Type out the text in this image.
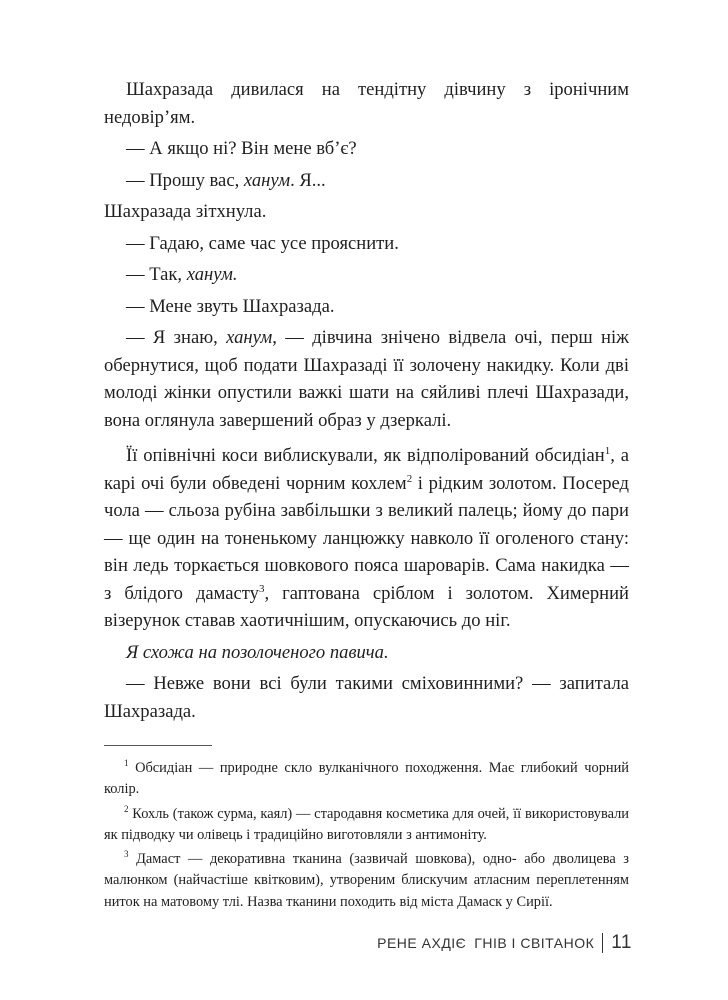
Шахразада дивилася на тендітну дівчину з іронічним недовір’ям.

— А якщо ні? Він мене вб’є?

— Прошу вас, ханум. Я...

Шахразада зітхнула.

— Гадаю, саме час усе прояснити.

— Так, ханум.

— Мене звуть Шахразада.

— Я знаю, ханум, — дівчина знічено відвела очі, перш ніж обернутися, щоб подати Шахразаді її золочену накидку. Коли дві молоді жінки опустили важкі шати на сяйливі плечі Шахразади, вона оглянула завершений образ у дзеркалі.

Її опівнічні коси виблискували, як відполірований обсидіан$^1$, а карі очі були обведені чорним кохлем$^2$ і рідким золотом. Посеред чола — сльоза рубіна завбільшки з великий палець; йому до пари — ще один на тоненькому ланцюжку навколо її оголеного стану: він ледь торкається шовкового пояса шароварів. Сама накидка — з блідого дамасту$^3$, гаптована сріблом і золотом. Химерний візерунок ставав хаотичнішим, опускаючись до ніг.

Я схожа на позолоченого павича.

— Невже вони всі були такими сміховинними? — запитала Шахразада.

$^1$ Обсидіан — природне скло вулканічного походження. Має глибокий чорний колір.

$^2$ Кохль (також сурма, каял) — стародавня косметика для очей, її використовували як підводку чи олівець і традиційно виготовляли з антимоніту.

$^3$ Дамаст — декоративна тканина (зазвичай шовкова), одно- або дволицева з малюнком (найчастіше квітковим), утвореним блискучим атласним переплетенням ниток на матовому тлі. Назва тканини походить від міста Дамаск у Сирії.

РЕНЕ АХДІЄ ГНІВ І СВІТАНОК 11
